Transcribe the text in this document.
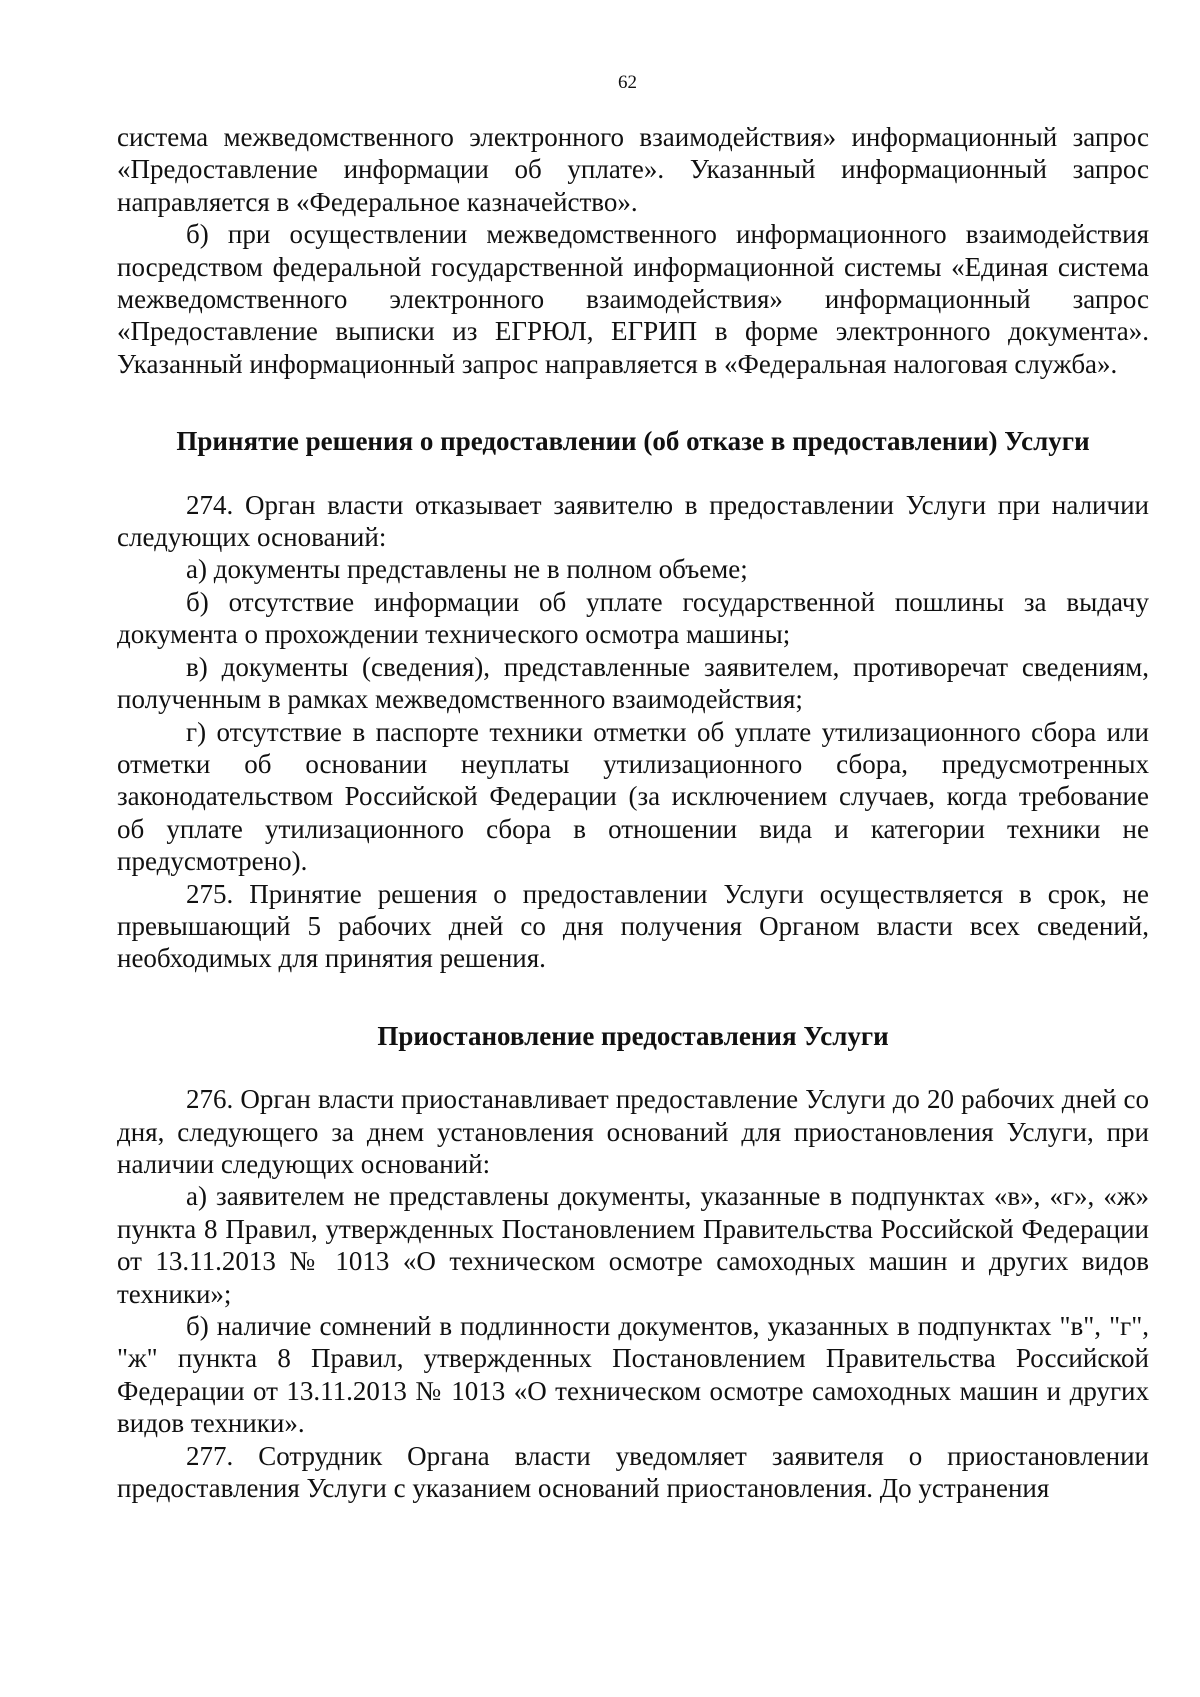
62

система межведомственного электронного взаимодействия» информационный запрос «Предоставление информации об уплате». Указанный информационный запрос направляется в «Федеральное казначейство».

б) при осуществлении межведомственного информационного взаимодействия посредством федеральной государственной информационной системы «Единая система межведомственного электронного взаимодействия» информационный запрос «Предоставление выписки из ЕГРЮЛ, ЕГРИП в форме электронного документа». Указанный информационный запрос направляется в «Федеральная налоговая служба».

Принятие решения о предоставлении (об отказе в предоставлении) Услуги

274. Орган власти отказывает заявителю в предоставлении Услуги при наличии следующих оснований:

а) документы представлены не в полном объеме;

б) отсутствие информации об уплате государственной пошлины за выдачу документа о прохождении технического осмотра машины;

в) документы (сведения), представленные заявителем, противоречат сведениям, полученным в рамках межведомственного взаимодействия;

г) отсутствие в паспорте техники отметки об уплате утилизационного сбора или отметки об основании неуплаты утилизационного сбора, предусмотренных законодательством Российской Федерации (за исключением случаев, когда требование об уплате утилизационного сбора в отношении вида и категории техники не предусмотрено).

275. Принятие решения о предоставлении Услуги осуществляется в срок, не превышающий 5 рабочих дней со дня получения Органом власти всех сведений, необходимых для принятия решения.

Приостановление предоставления Услуги

276. Орган власти приостанавливает предоставление Услуги до 20 рабочих дней со дня, следующего за днем установления оснований для приостановления Услуги, при наличии следующих оснований:

а) заявителем не представлены документы, указанные в подпунктах «в», «г», «ж» пункта 8 Правил, утвержденных Постановлением Правительства Российской Федерации от 13.11.2013 № 1013 «О техническом осмотре самоходных машин и других видов техники»;

б) наличие сомнений в подлинности документов, указанных в подпунктах "в", "г", "ж" пункта 8 Правил, утвержденных Постановлением Правительства Российской Федерации от 13.11.2013 № 1013 «О техническом осмотре самоходных машин и других видов техники».

277. Сотрудник Органа власти уведомляет заявителя о приостановлении предоставления Услуги с указанием оснований приостановления. До устранения
